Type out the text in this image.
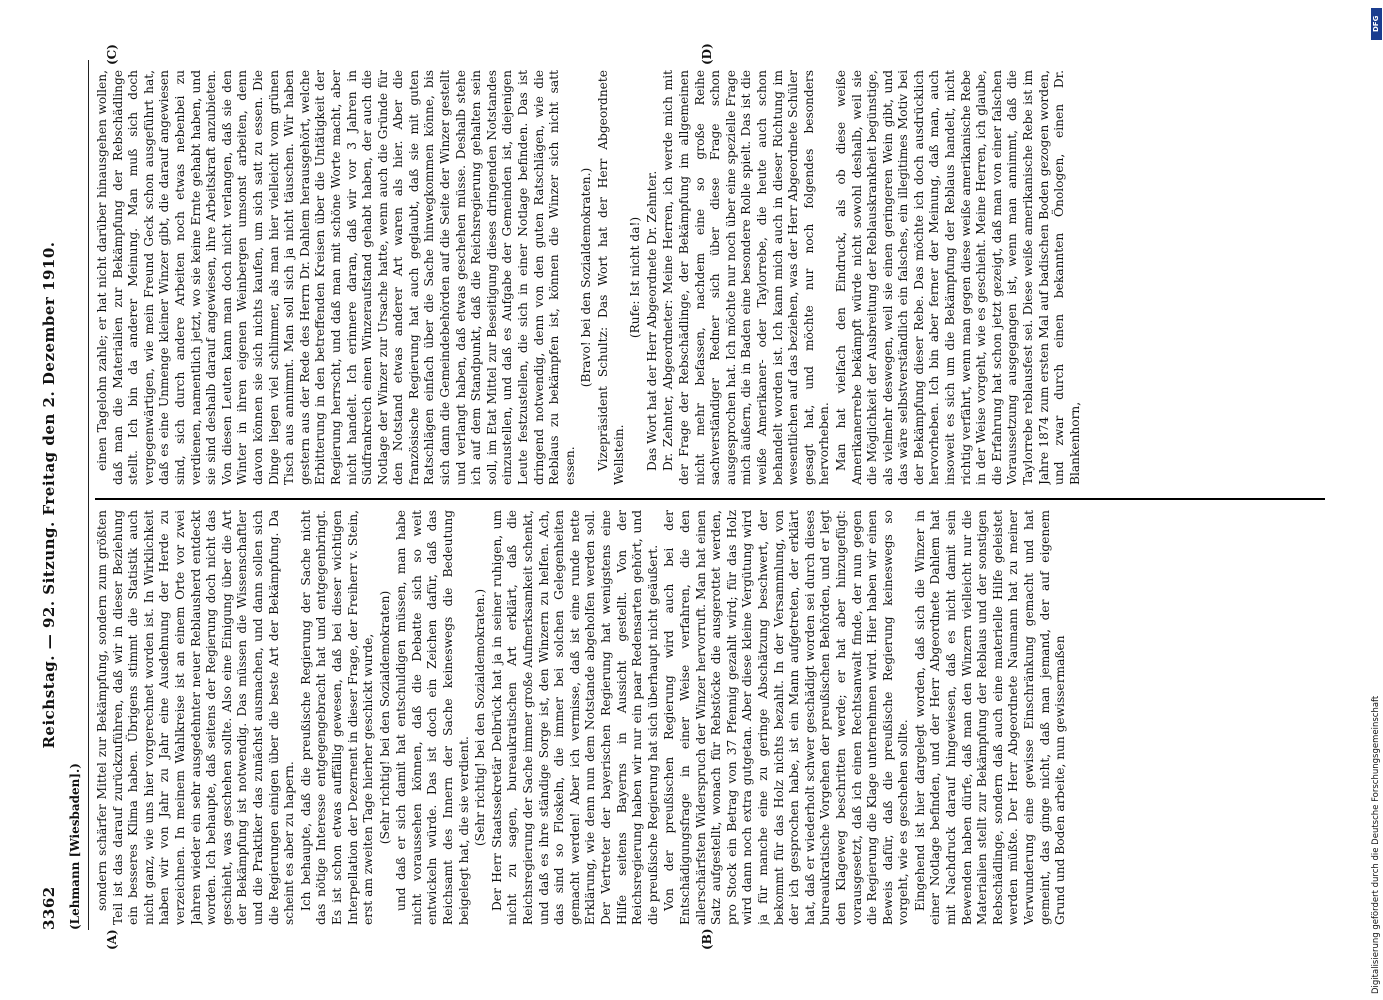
3362
Reichstag. — 92. Sitzung. Freitag den 2. Dezember 1910.
(Lehmann [Wiesbaden].)
(A)	(B)
(C)	(D)

sondern schärfer Mittel zur Bekämpfung, sondern zum größten Teil ist das darauf zurückzuführen, daß wir in dieser Beziehung ein besseres Klima haben. Übrigens stimmt die Statistik auch nicht ganz, wie uns hier vorgerechnet worden ist. In Wirklichkeit haben wir von Jahr zu Jahr eine Ausdehnung der Herde zu verzeichnen. In meinem Wahlkreise ist an einem Orte vor zwei Jahren wieder ein sehr ausgedehnter neuer Reblausherd entdeckt worden. Ich behaupte, daß seitens der Regierung doch nicht das geschieht, was geschehen sollte. Also eine Einigung über die Art der Bekämpfung ist notwendig. Das müssen die Wissenschaftler und die Praktiker das zunächst ausmachen, und dann sollen sich die Regierungen einigen über die beste Art der Bekämpfung. Da scheint es aber zu hapern. Ich behaupte, daß die preußische Regierung der Sache nicht das nötige Interesse entgegengebracht hat und entgegenbringt. Es ist schon etwas auffällig gewesen, daß bei dieser wichtigen Interpellation der Dezernent in dieser Frage, der Freiherr v. Stein, erst am zweiten Tage hierher geschickt wurde, (Sehr richtig! bei den Sozialdemokraten) und daß er sich damit hat entschuldigen müssen, man habe nicht voraussehen können, daß die Debatte sich so weit entwickeln würde. Das ist doch ein Zeichen dafür, daß das Reichsamt des Innern der Sache keineswegs die Bedeutung beigelegt hat, die sie verdient. (Sehr richtig! bei den Sozialdemokraten.) Der Herr Staatssekretär Delbrück hat ja in seiner ruhigen, um nicht zu sagen, bureaukratischen Art erklärt, daß die Reichsregierung der Sache immer große Aufmerksamkeit schenkt, und daß es ihre ständige Sorge ist, den Winzern zu helfen. Ach, das sind so Floskeln, die immer bei solchen Gelegenheiten gemacht werden! Aber ich vermisse, daß ist eine runde nette Erklärung, wie denn nun dem Notstande abgeholfen werden soll. Der Vertreter der bayerischen Regierung hat wenigstens eine Hilfe seitens Bayerns in Aussicht gestellt. Von der Reichsregierung haben wir nur ein paar Redensarten gehört, und die preußische Regierung hat sich überhaupt nicht geäußert. Von der preußischen Regierung wird auch bei der Entschädigungsfrage in einer Weise verfahren, die den allerschärfsten Widerspruch der Winzer hervorruft. Man hat einen Satz aufgestellt, wonach für Rebstöcke die ausgerottet werden, pro Stock ein Betrag von 37 Pfennig gezahlt wird; für das Holz wird dann noch extra gutgetan. Aber diese kleine Vergütung wird ja für manche eine zu geringe Abschätzung beschwert, der bekommt für das Holz nichts bezahlt. In der Versammlung, von der ich gesprochen habe, ist ein Mann aufgetreten, der erklärt hat, daß er wiederholt schwer geschädigt worden sei durch dieses bureaukratische Vorgehen der preußischen Behörden, und er legt den Klageweg beschritten werde; er hat aber hinzugefügt: vorausgesetzt, daß ich einen Rechtsanwalt finde, der nun gegen die Regierung die Klage unternehmen wird. Hier haben wir einen Beweis dafür, daß die preußische Regierung keineswegs so vorgeht, wie es geschehen sollte. Eingehend ist hier dargelegt worden, daß sich die Winzer in einer Notlage befinden, und der Herr Abgeordnete Dahlem hat mit Nachdruck darauf hingewiesen, daß es nicht damit sein Bewenden haben dürfe, daß man den Winzern vielleicht nur die Materialien stellt zur Bekämpfung der Reblaus und der sonstigen Rebschädlinge, sondern daß auch eine materielle Hilfe geleistet werden müßte. Der Herr Abgeordnete Naumann hat zu meiner Verwunderung eine gewisse Einschränkung gemacht und hat gemeint, das ginge nicht, daß man jemand, der auf eigenem Grund und Boden arbeite, nun gewissermaßen

einen Tagelohn zahle; er hat nicht darüber hinausgehen wollen, daß man die Materialien zur Bekämpfung der Rebschädlinge stellt. Ich bin da anderer Meinung. Man muß sich doch vergegenwärtigen, wie mein Freund Geck schon ausgeführt hat, daß es eine Unmenge kleiner Winzer gibt, die darauf angewiesen sind, sich durch andere Arbeiten noch etwas nebenbei zu verdienen, namentlich jetzt, wo sie keine Ernte gehabt haben, und sie sind deshalb darauf angewiesen, ihre Arbeitskraft anzubieten. Von diesen Leuten kann man doch nicht verlangen, daß sie den Winter in ihren eigenen Weinbergen umsonst arbeiten, denn davon können sie sich nichts kaufen, um sich satt zu essen. Die Dinge liegen viel schlimmer, als man hier vielleicht vom grünen Tisch aus annimmt. Man soll sich ja nicht täuschen. Wir haben gestern aus der Rede des Herrn Dr. Dahlem herausgehört, welche Erbitterung in den betreffenden Kreisen über die Untätigkeit der Regierung herrscht, und daß man mit schöne Worte macht, aber nicht handelt. Ich erinnere daran, daß wir vor 3 Jahren in Südfrankreich einen Winzeraufstand gehabt haben, der auch die Notlage der Winzer zur Ursache hatte, wenn auch die Gründe für den Notstand etwas anderer Art waren als hier. Aber die französische Regierung hat auch geglaubt, daß sie mit guten Ratschlägen einfach über die Sache hinwegkommen könne, bis sich dann die Gemeindebehörden auf die Seite der Winzer gestellt und verlangt haben, daß etwas geschehen müsse. Deshalb stehe ich auf dem Standpunkt, daß die Reichsregierung gehalten sein soll, im Etat Mittel zur Beseitigung dieses dringenden Notstandes einzustellen, und daß es Aufgabe der Gemeinden ist, diejenigen Leute festzustellen, die sich in einer Notlage befinden. Das ist dringend notwendig, denn von den guten Ratschlägen, wie die Reblaus zu bekämpfen ist, können die Winzer sich nicht satt essen.

(Bravo! bei den Sozialdemokraten.) Vizepräsident Schultz: Das Wort hat der Herr Abgeordnete Wellstein.

(Rufe: Ist nicht da!) Das Wort hat der Herr Abgeordnete Dr. Zehnter. Dr. Zehnter, Abgeordneter: Meine Herren, ich werde mich mit der Frage der Rebschädlinge, der Bekämpfung im allgemeinen nicht mehr befassen, nachdem eine so große Reihe sachverständiger Redner sich über diese Frage schon ausgesprochen hat. Ich möchte nur noch über eine spezielle Frage mich äußern, die in Baden eine besondere Rolle spielt. Das ist die weiße Amerikaner- oder Taylorrebe, die heute auch schon behandelt worden ist. Ich kann mich auch in dieser Richtung im wesentlichen auf das beziehen, was der Herr Abgeordnete Schüler gesagt hat, und möchte nur noch folgendes besonders hervorheben. Man hat vielfach den Eindruck, als ob diese weiße Amerikanerrebe bekämpft würde nicht sowohl deshalb, weil sie die Möglichkeit der Ausbreitung der Reblauskrankheit begünstige, als vielmehr deswegen, weil sie einen geringeren Wein gibt, und das wäre selbstverständlich ein falsches, ein illegitimes Motiv bei der Bekämpfung dieser Rebe. Das möchte ich doch ausdrücklich hervorheben. Ich bin aber ferner der Meinung, daß man, auch insoweit es sich um die Bekämpfung der Reblaus handelt, nicht richtig verfährt, wenn man gegen diese weiße amerikanische Rebe in der Weise vorgeht, wie es geschieht. Meine Herren, ich glaube, die Erfahrung hat schon jetzt gezeigt, daß man von einer falschen Voraussetzung ausgegangen ist, wenn man annimmt, daß die Taylorrebe reblausfest sei. Diese weiße amerikanische Rebe ist im Jahre 1874 zum ersten Mal auf badischen Boden gezogen worden, und zwar durch einen bekannten Önologen, einen Dr. Blankenhorn,

DFG
Digitalisierung gefördert durch die Deutsche Forschungsgemeinschaft
